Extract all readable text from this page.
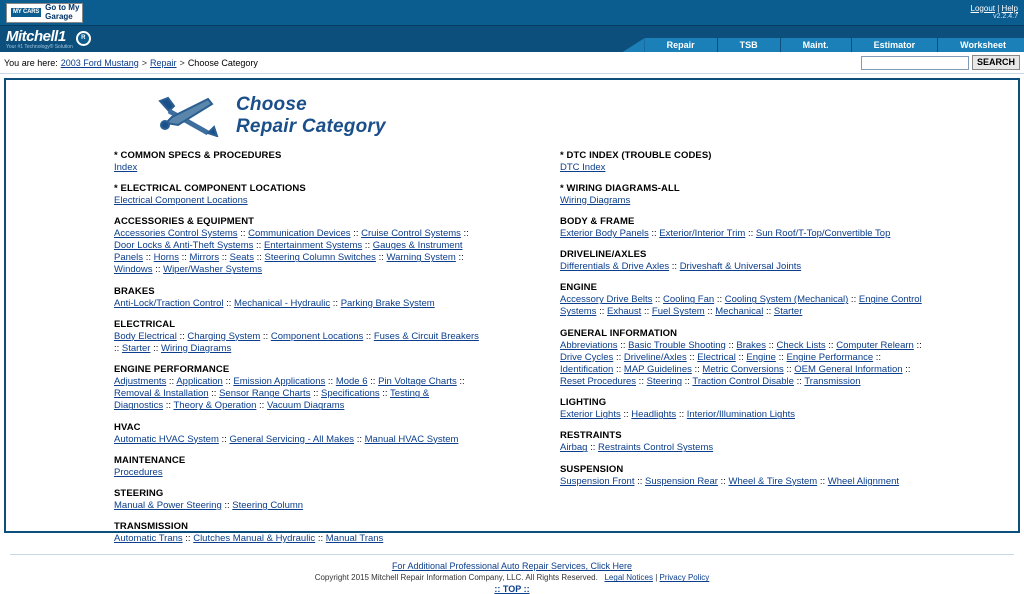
MY CARS
Go to My
Garage
Logout | Help
v2.2.4.7
Mitchell1
Your #1 Technology® Solution
R
Repair	TSB	Maint.	Estimator	Worksheet
You are here: 2003 Ford Mustang > Repair > Choose Category	SEARCH
Choose
Repair Category
* COMMON SPECS & PROCEDURES
Index
* ELECTRICAL COMPONENT LOCATIONS
Electrical Component Locations
ACCESSORIES & EQUIPMENT
Accessories Control Systems :: Communication Devices :: Cruise Control Systems :: Door Locks & Anti-Theft Systems :: Entertainment Systems :: Gauges & Instrument Panels :: Horns :: Mirrors :: Seats :: Steering Column Switches :: Warning System :: Windows :: Wiper/Washer Systems
BRAKES
Anti-Lock/Traction Control :: Mechanical - Hydraulic :: Parking Brake System
ELECTRICAL
Body Electrical :: Charging System :: Component Locations :: Fuses & Circuit Breakers :: Starter :: Wiring Diagrams
ENGINE PERFORMANCE
Adjustments :: Application :: Emission Applications :: Mode 6 :: Pin Voltage Charts :: Removal & Installation :: Sensor Range Charts :: Specifications :: Testing & Diagnostics :: Theory & Operation :: Vacuum Diagrams
HVAC
Automatic HVAC System :: General Servicing - All Makes :: Manual HVAC System
MAINTENANCE
Procedures
STEERING
Manual & Power Steering :: Steering Column
TRANSMISSION
Automatic Trans :: Clutches Manual & Hydraulic :: Manual Trans
* DTC INDEX (TROUBLE CODES)
DTC Index
* WIRING DIAGRAMS-ALL
Wiring Diagrams
BODY & FRAME
Exterior Body Panels :: Exterior/Interior Trim :: Sun Roof/T-Top/Convertible Top
DRIVELINE/AXLES
Differentials & Drive Axles :: Driveshaft & Universal Joints
ENGINE
Accessory Drive Belts :: Cooling Fan :: Cooling System (Mechanical) :: Engine Control Systems :: Exhaust :: Fuel System :: Mechanical :: Starter
GENERAL INFORMATION
Abbreviations :: Basic Trouble Shooting :: Brakes :: Check Lists :: Computer Relearn :: Drive Cycles :: Driveline/Axles :: Electrical :: Engine :: Engine Performance :: Identification :: MAP Guidelines :: Metric Conversions :: OEM General Information :: Reset Procedures :: Steering :: Traction Control Disable :: Transmission
LIGHTING
Exterior Lights :: Headlights :: Interior/Illumination Lights
RESTRAINTS
Airbag :: Restraints Control Systems
SUSPENSION
Suspension Front :: Suspension Rear :: Wheel & Tire System :: Wheel Alignment
For Additional Professional Auto Repair Services, Click Here
Copyright 2015 Mitchell Repair Information Company, LLC. All Rights Reserved. Legal Notices | Privacy Policy
:: TOP ::
